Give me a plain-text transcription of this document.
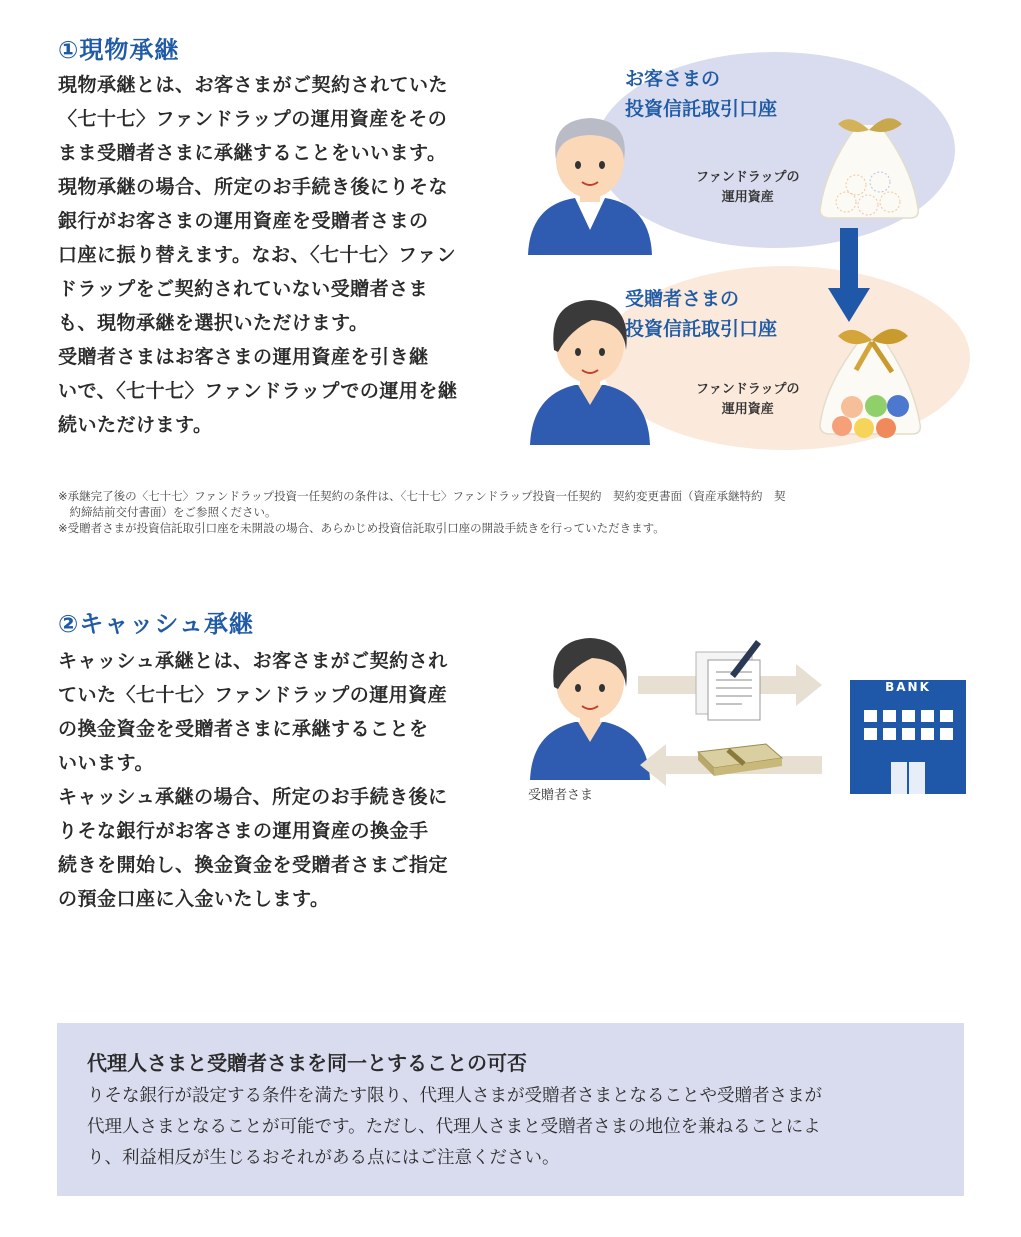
①現物承継
現物承継とは、お客さまがご契約されていた
〈七十七〉ファンドラップの運用資産をその
まま受贈者さまに承継することをいいます。
現物承継の場合、所定のお手続き後にりそな
銀行がお客さまの運用資産を受贈者さまの
口座に振り替えます。なお、〈七十七〉ファン
ドラップをご契約されていない受贈者さま
も、現物承継を選択いただけます。
受贈者さまはお客さまの運用資産を引き継
いで、〈七十七〉ファンドラップでの運用を継
続いただけます。
お客さまの
投資信託取引口座
ファンドラップの
運用資産
受贈者さまの
投資信託取引口座
ファンドラップの
運用資産
※承継完了後の〈七十七〉ファンドラップ投資一任契約の条件は、〈七十七〉ファンドラップ投資一任契約　契約変更書面（資産承継特約　契
　約締結前交付書面）をご参照ください。
※受贈者さまが投資信託取引口座を未開設の場合、あらかじめ投資信託取引口座の開設手続きを行っていただきます。
②キャッシュ承継
キャッシュ承継とは、お客さまがご契約され
ていた〈七十七〉ファンドラップの運用資産
の換金資金を受贈者さまに承継することを
いいます。
キャッシュ承継の場合、所定のお手続き後に
りそな銀行がお客さまの運用資産の換金手
続きを開始し、換金資金を受贈者さまご指定
の預金口座に入金いたします。
BANK
受贈者さま
代理人さまと受贈者さまを同一とすることの可否
りそな銀行が設定する条件を満たす限り、代理人さまが受贈者さまとなることや受贈者さまが
代理人さまとなることが可能です。ただし、代理人さまと受贈者さまの地位を兼ねることによ
り、利益相反が生じるおそれがある点にはご注意ください。
